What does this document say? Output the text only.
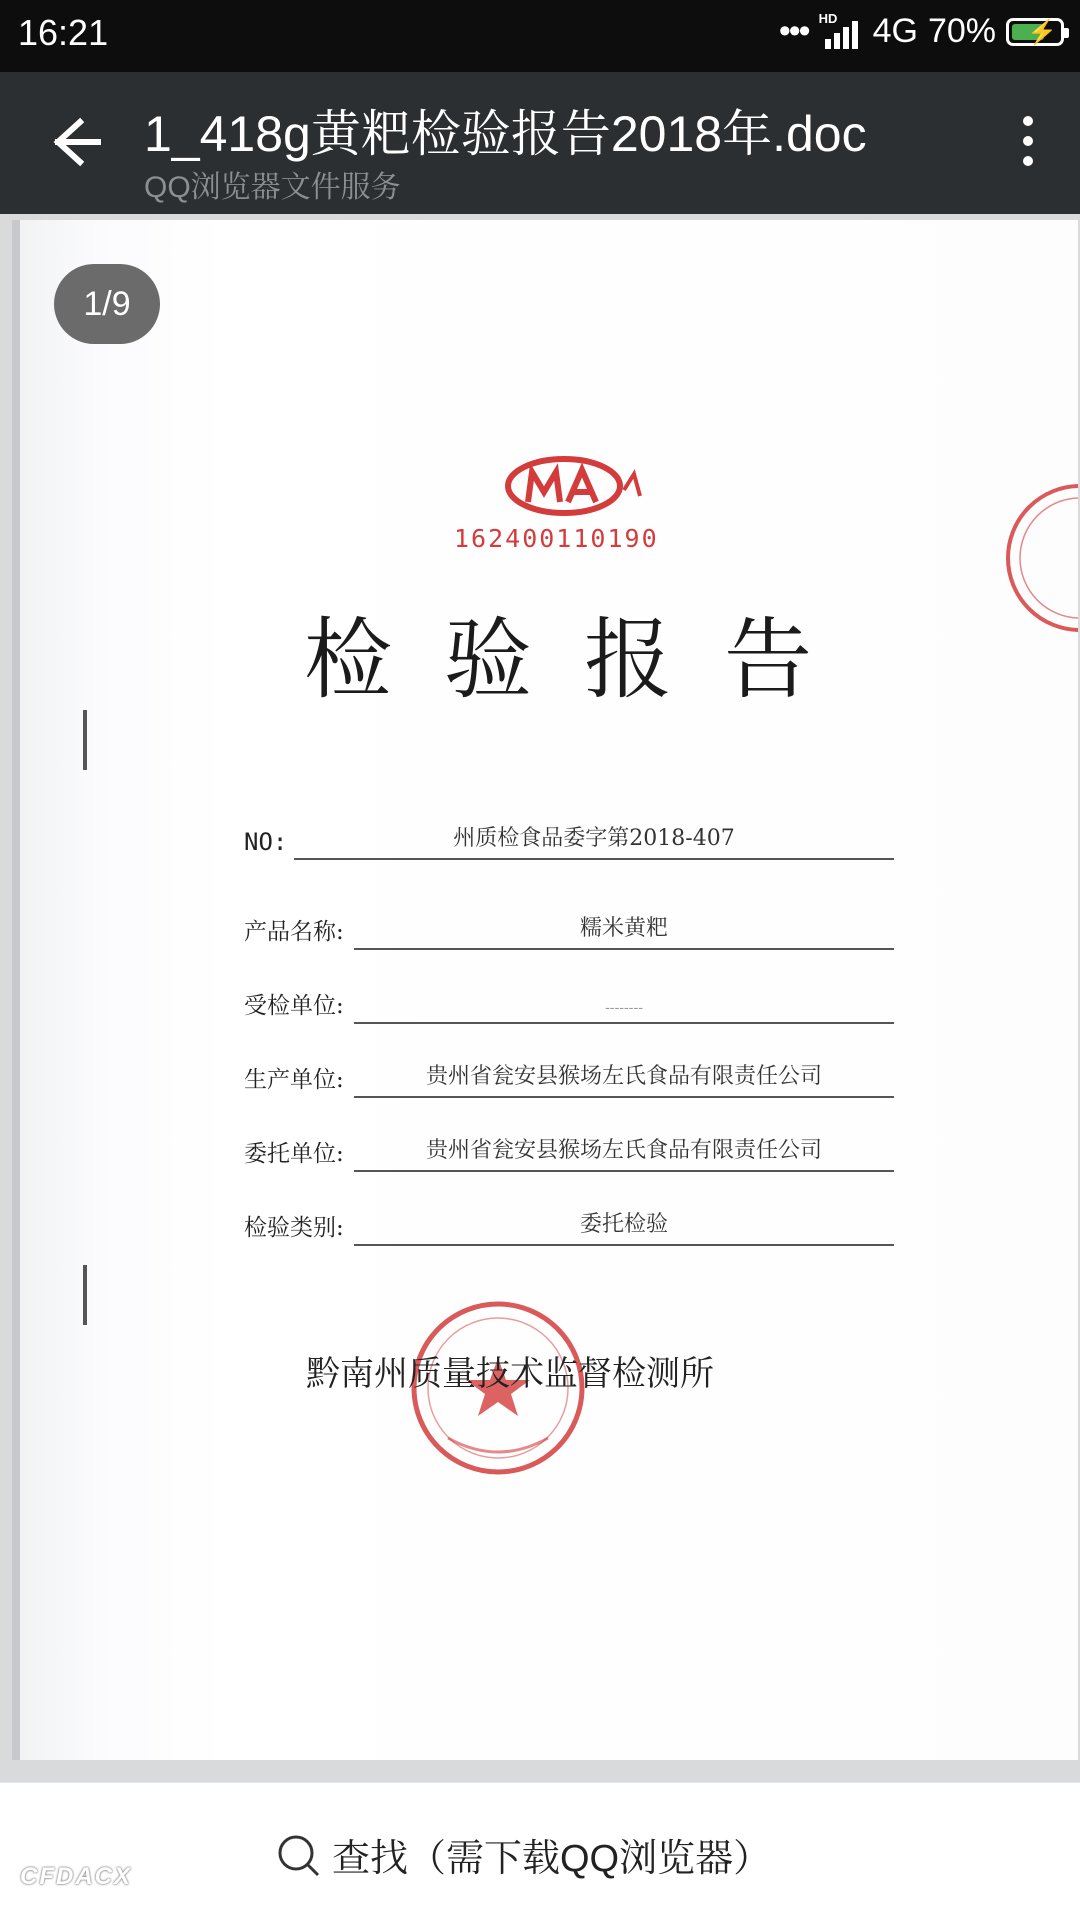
16:21	••• HD 4G 70% ⚡
1_418g黄粑检验报告2018年.doc
QQ浏览器文件服务
1/9
162400110190
检验报告
NO:	州质检食品委字第2018-407
产品名称:	糯米黄粑
受检单位:	--------
生产单位:	贵州省瓮安县猴场左氏食品有限责任公司
委托单位:	贵州省瓮安县猴场左氏食品有限责任公司
检验类别:	委托检验
黔南州质量技术监督检测所
查找（需下载QQ浏览器）
CFDACX
